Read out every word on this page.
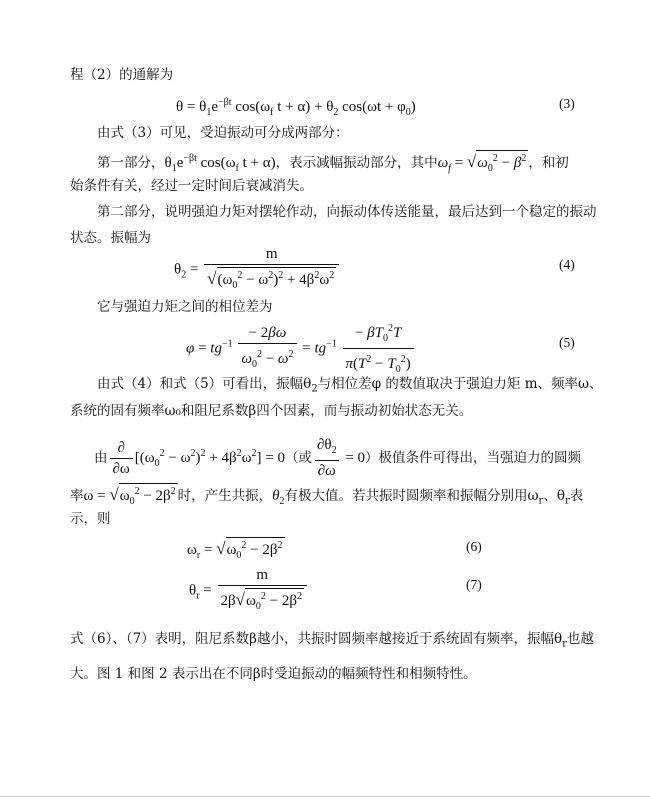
程（2）的通解为
$\theta = \theta_1e^{-\beta t}$ $\cos(\omega_f$ $t + \alpha) + \theta_2$ $\cos(\omega t + \varphi_0)$	(3)
由式（3）可见，受迫振动可分成两部分：
第一部分，$\theta_1e^{-\beta t}$ $\cos(\omega_f$ t + α)，表示减幅振动部分，其中$\omega_f = √\omega_0^2 - \beta^2$ ，和初
始条件有关，经过一定时间后衰减消失。
第二部分，说明强迫力矩对摆轮作动，向振动体传送能量，最后达到一个稳定的振动
状态。振幅为
$\theta_2 = \frac{m}{√(\omega_0^2 - \omega^2)^2 + 4\beta^2\omega^2}$	(4)
它与强迫力矩之间的相位差为
$\varphi = tg^{-1} \frac{- 2\beta\omega}{\omega_0^2 - \omega^2} = tg^{-1} \frac{- \beta T_0^2T}{\pi(T^2 - T_0^2)}$	(5)
由式（4）和式（5）可看出，振幅$\theta_2$与相位差φ 的数值取决于强迫力矩 m、频率ω、
系统的固有频率ω₀和阻尼系数β四个因素，而与振动初始状态无关。
由 $\frac{\partial}{\partial\omega} [(\omega_0^2 - \omega^2)^2 + 4\beta^2\omega^2] = 0$（或 $\frac{\partial\theta_2}{\partial\omega} = 0$）极值条件可得出，当强迫力的圆频
率$\omega = √\omega_0^2 - 2\beta^2$ 时，产生共振，$\theta_2$有极大值。若共振时圆频率和振幅分别用$\omega_r$、$\theta_r$表
示，则
$\omega_r = √\omega_0^2 - 2\beta^2$	(6)
$\theta_r = \frac{m}{2\beta√\omega_0^2 - 2\beta^2}$	(7)
式（6）、（7）表明，阻尼系数β越小，共振时圆频率越接近于系统固有频率，振幅$\theta_r$也越
大。图 1 和图 2 表示出在不同β时受迫振动的幅频特性和相频特性。
